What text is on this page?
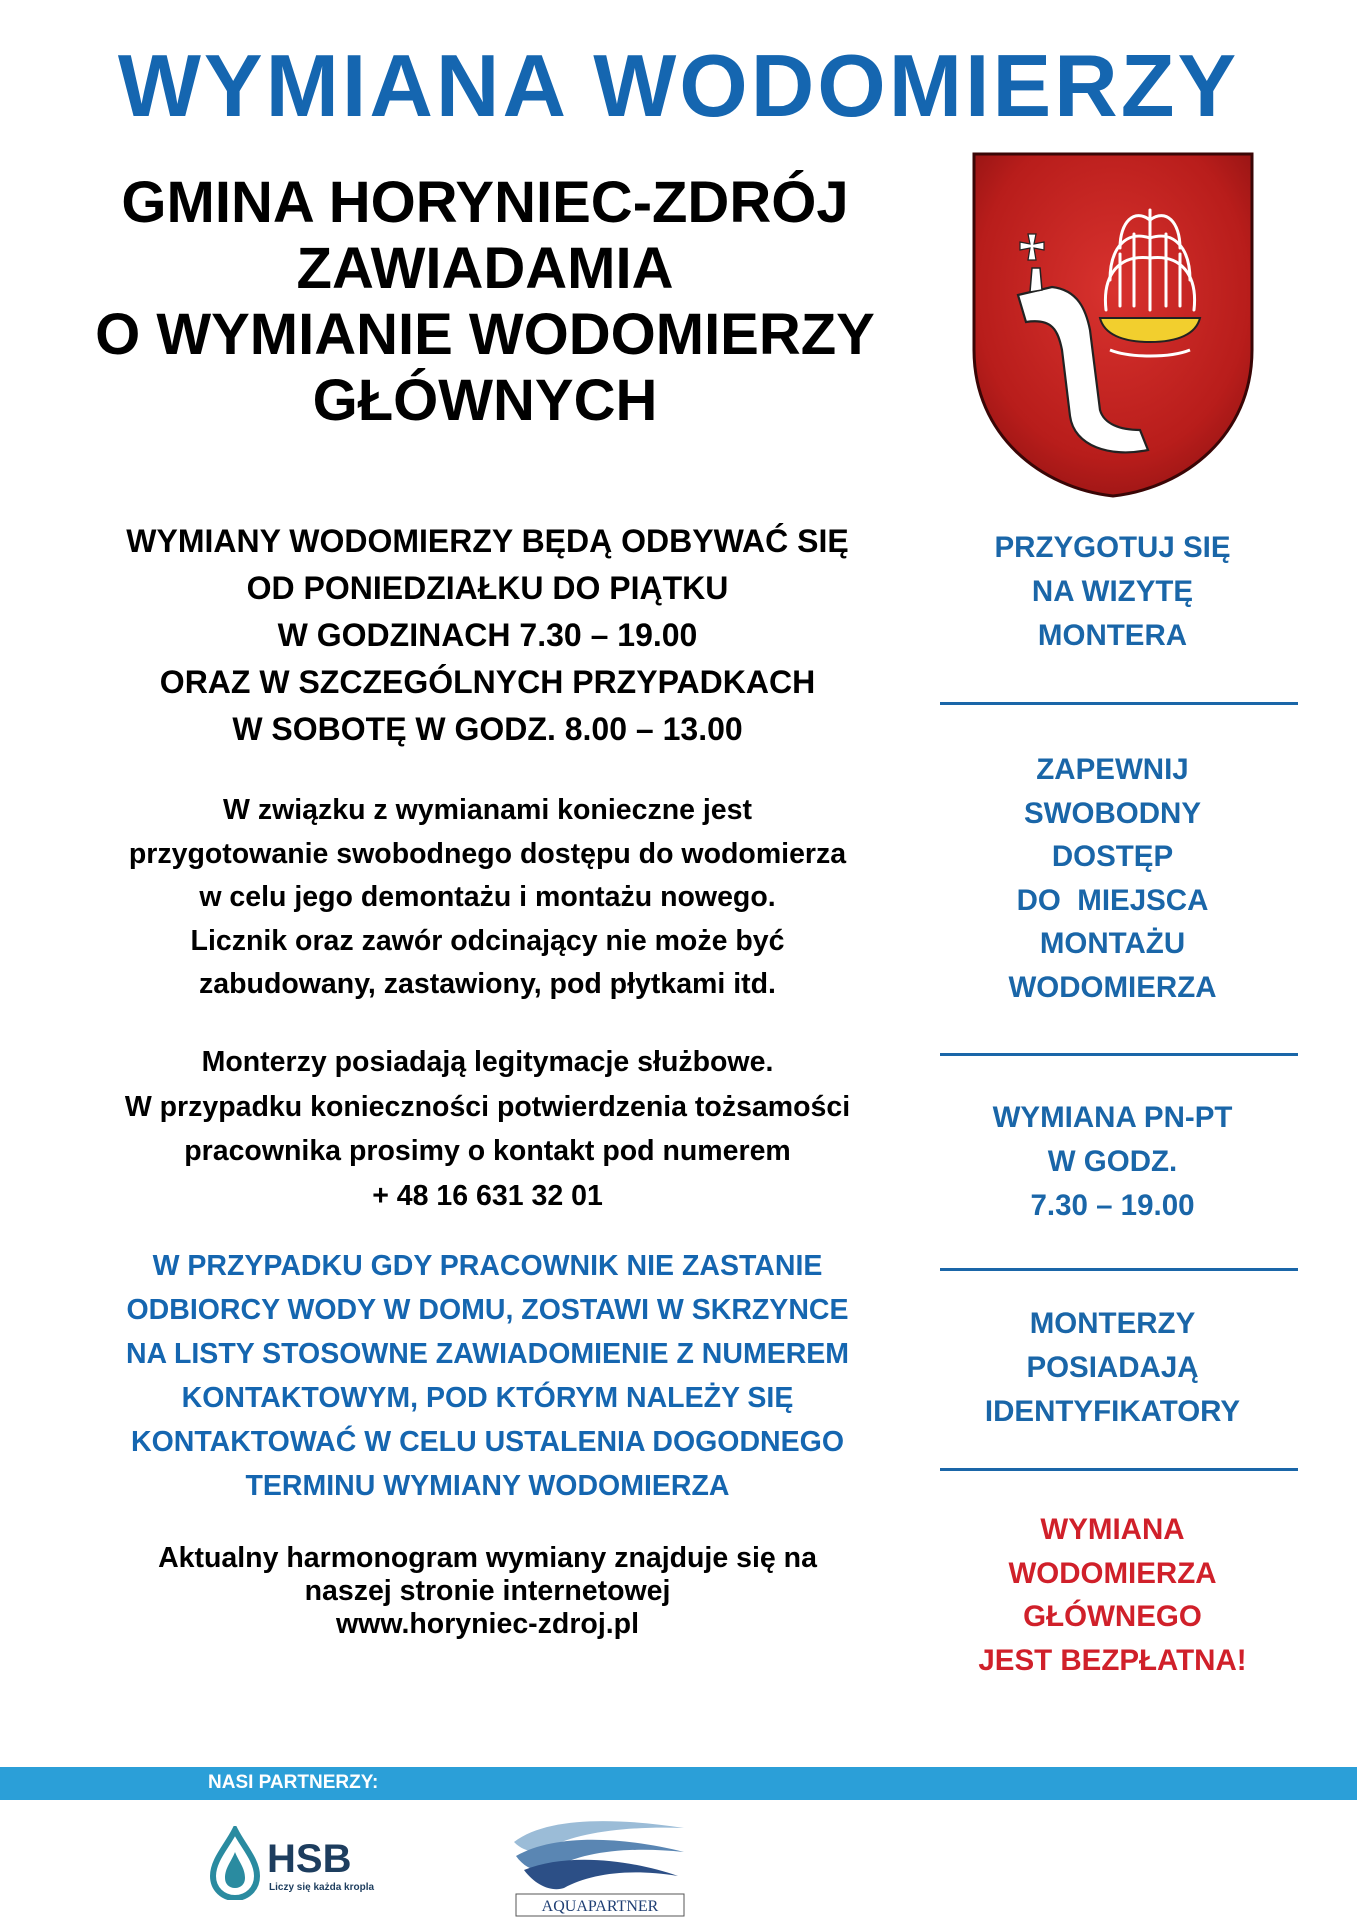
WYMIANA WODOMIERZY
GMINA HORYNIEC-ZDRÓJ
ZAWIADAMIA
O WYMIANIE WODOMIERZY
GŁÓWNYCH
WYMIANY WODOMIERZY BĘDĄ ODBYWAĆ SIĘ
OD PONIEDZIAŁKU DO PIĄTKU
W GODZINACH 7.30 – 19.00
ORAZ W SZCZEGÓLNYCH PRZYPADKACH
W SOBOTĘ W GODZ. 8.00 – 13.00
W związku z wymianami konieczne jest
przygotowanie swobodnego dostępu do wodomierza
w celu jego demontażu i montażu nowego.
Licznik oraz zawór odcinający nie może być
zabudowany, zastawiony, pod płytkami itd.
Monterzy posiadają legitymacje służbowe.
W przypadku konieczności potwierdzenia tożsamości
pracownika prosimy o kontakt pod numerem
+ 48 16 631 32 01
W PRZYPADKU GDY PRACOWNIK NIE ZASTANIE
ODBIORCY WODY W DOMU, ZOSTAWI W SKRZYNCE
NA LISTY STOSOWNE ZAWIADOMIENIE Z NUMEREM
KONTAKTOWYM, POD KTÓRYM NALEŻY SIĘ
KONTAKTOWAĆ W CELU USTALENIA DOGODNEGO
TERMINU WYMIANY WODOMIERZA
Aktualny harmonogram wymiany znajduje się na
naszej stronie internetowej
www.horyniec-zdroj.pl
PRZYGOTUJ SIĘ
NA WIZYTĘ
MONTERA
ZAPEWNIJ
SWOBODNY
DOSTĘP
DO  MIEJSCA
MONTAŻU
WODOMIERZA
WYMIANA PN-PT
W GODZ.
7.30 – 19.00
MONTERZY
POSIADAJĄ
IDENTYFIKATORY
WYMIANA
WODOMIERZA
GŁÓWNEGO
JEST BEZPŁATNA!
NASI PARTNERZY:
HSB
Liczy się każda kropla
AQUAPARTNER
